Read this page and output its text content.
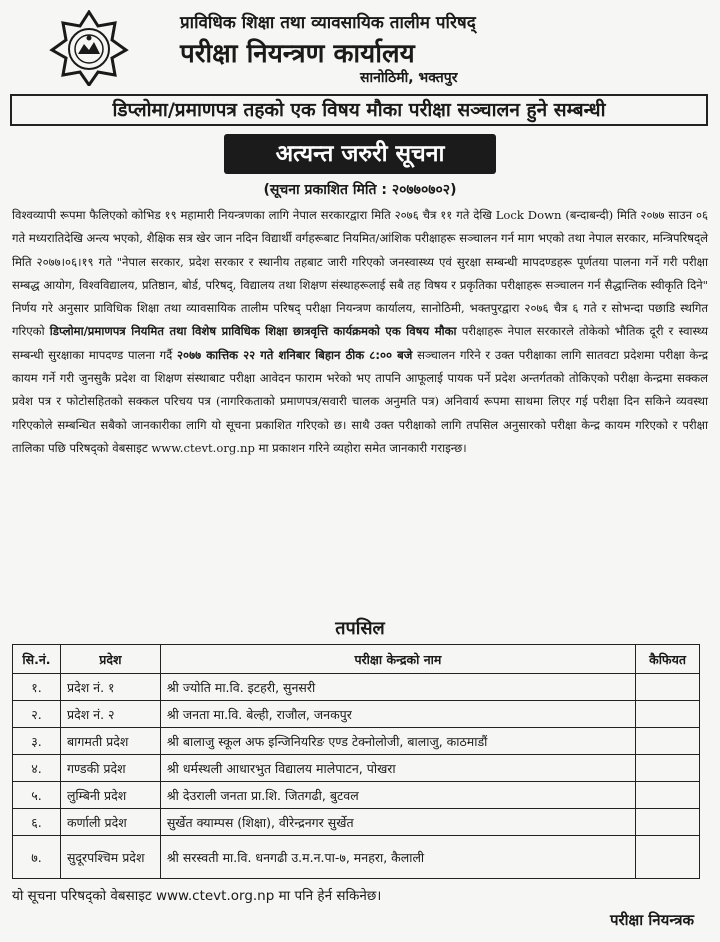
प्राविधिक शिक्षा तथा व्यावसायिक तालीम परिषद्
परीक्षा नियन्त्रण कार्यालय
सानोठिमी, भक्तपुर
डिप्लोमा/प्रमाणपत्र तहको एक विषय मौका परीक्षा सञ्चालन हुने सम्बन्धी
अत्यन्त जरुरी सूचना
(सूचना प्रकाशित मिति : २०७७०७०२)

विश्वव्यापी रूपमा फैलिएको कोभिड १९ महामारी नियन्त्रणका लागि नेपाल सरकारद्वारा मिति २०७६ चैत्र ११ गते देखि Lock Down (बन्दाबन्दी) मिति २०७७ साउन ०६ गते मध्यरातिदेखि अन्त्य भएको, शैक्षिक सत्र खेर जान नदिन विद्यार्थी वर्गहरूबाट नियमित/आंशिक परीक्षाहरू सञ्चालन गर्न माग भएको तथा नेपाल सरकार, मन्त्रिपरिषद्ले मिति २०७७।०६।१९ गते "नेपाल सरकार, प्रदेश सरकार र स्थानीय तहबाट जारी गरिएको जनस्वास्थ्य एवं सुरक्षा सम्बन्धी मापदण्डहरू पूर्णतया पालना गर्ने गरी परीक्षा सम्बद्ध आयोग, विश्वविद्यालय, प्रतिष्ठान, बोर्ड, परिषद्, विद्यालय तथा शिक्षण संस्थाहरूलाई सबै तह विषय र प्रकृतिका परीक्षाहरू सञ्चालन गर्न सैद्धान्तिक स्वीकृति दिने" निर्णय गरे अनुसार प्राविधिक शिक्षा तथा व्यावसायिक तालीम परिषद् परीक्षा नियन्त्रण कार्यालय, सानोठिमी, भक्तपुरद्वारा २०७६ चैत्र ६ गते र सोभन्दा पछाडि स्थगित गरिएको डिप्लोमा/प्रमाणपत्र नियमित तथा विशेष प्राविधिक शिक्षा छात्रवृत्ति कार्यक्रमको एक विषय मौका परीक्षाहरू नेपाल सरकारले तोकेको भौतिक दूरी र स्वास्थ्य सम्बन्धी सुरक्षाका मापदण्ड पालना गर्दै २०७७ कात्तिक २२ गते शनिबार बिहान ठीक ८:०० बजे सञ्चालन गरिने र उक्त परीक्षाका लागि सातवटा प्रदेशमा परीक्षा केन्द्र कायम गर्ने गरी जुनसुकै प्रदेश वा शिक्षण संस्थाबाट परीक्षा आवेदन फाराम भरेको भए तापनि आफूलाई पायक पर्ने प्रदेश अन्तर्गतको तोकिएको परीक्षा केन्द्रमा सक्कल प्रवेश पत्र र फोटोसहितको सक्कल परिचय पत्र (नागरिकताको प्रमाणपत्र/सवारी चालक अनुमति पत्र) अनिवार्य रूपमा साथमा लिएर गई परीक्षा दिन सकिने व्यवस्था गरिएकोले सम्बन्धित सबैको जानकारीका लागि यो सूचना प्रकाशित गरिएको छ। साथै उक्त परीक्षाको लागि तपसिल अनुसारको परीक्षा केन्द्र कायम गरिएको र परीक्षा तालिका पछि परिषद्को वेबसाइट www.ctevt.org.np मा प्रकाशन गरिने व्यहोरा समेत जानकारी गराइन्छ।

तपसिल
सि.नं.	प्रदेश	परीक्षा केन्द्रको नाम	कैफियत
१.	प्रदेश नं. १	श्री ज्योति मा.वि. इटहरी, सुनसरी	
२.	प्रदेश नं. २	श्री जनता मा.वि. बेल्ही, राजौल, जनकपुर	
३.	बागमती प्रदेश	श्री बालाजु स्कूल अफ इन्जिनियरिङ एण्ड टेक्नोलोजी, बालाजु, काठमाडौं	
४.	गण्डकी प्रदेश	श्री धर्मस्थली आधारभुत विद्यालय मालेपाटन, पोखरा	
५.	लुम्बिनी प्रदेश	श्री देउराली जनता प्रा.शि. जितगढी, बुटवल	
६.	कर्णाली प्रदेश	सुर्खेत क्याम्पस (शिक्षा), वीरेन्द्रनगर सुर्खेत	
७.	सुदूरपश्चिम प्रदेश	श्री सरस्वती मा.वि. धनगढी उ.म.न.पा-७, मनहरा, कैलाली	
यो सूचना परिषद्को वेबसाइट www.ctevt.org.np मा पनि हेर्न सकिनेछ।
परीक्षा नियन्त्रक
